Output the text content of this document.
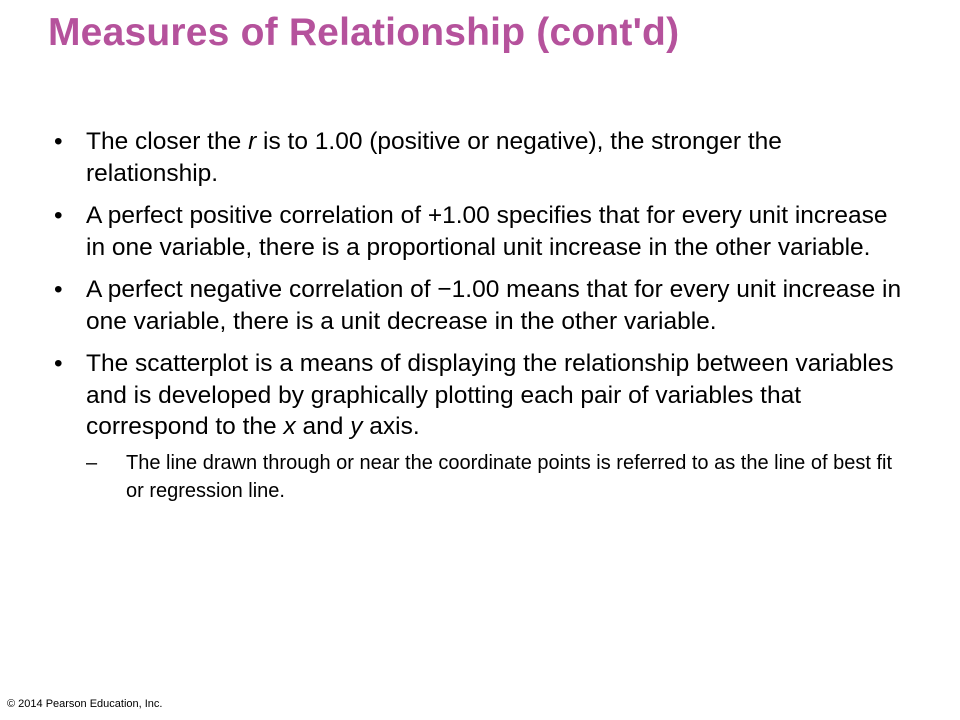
Measures of Relationship (cont'd)
• The closer the r is to 1.00 (positive or negative), the stronger the relationship.
• A perfect positive correlation of +1.00 specifies that for every unit increase in one variable, there is a proportional unit increase in the other variable.
• A perfect negative correlation of −1.00 means that for every unit increase in one variable, there is a unit decrease in the other variable.
• The scatterplot is a means of displaying the relationship between variables and is developed by graphically plotting each pair of variables that correspond to the x and y axis.
– The line drawn through or near the coordinate points is referred to as the line of best fit or regression line.
© 2014 Pearson Education, Inc.
